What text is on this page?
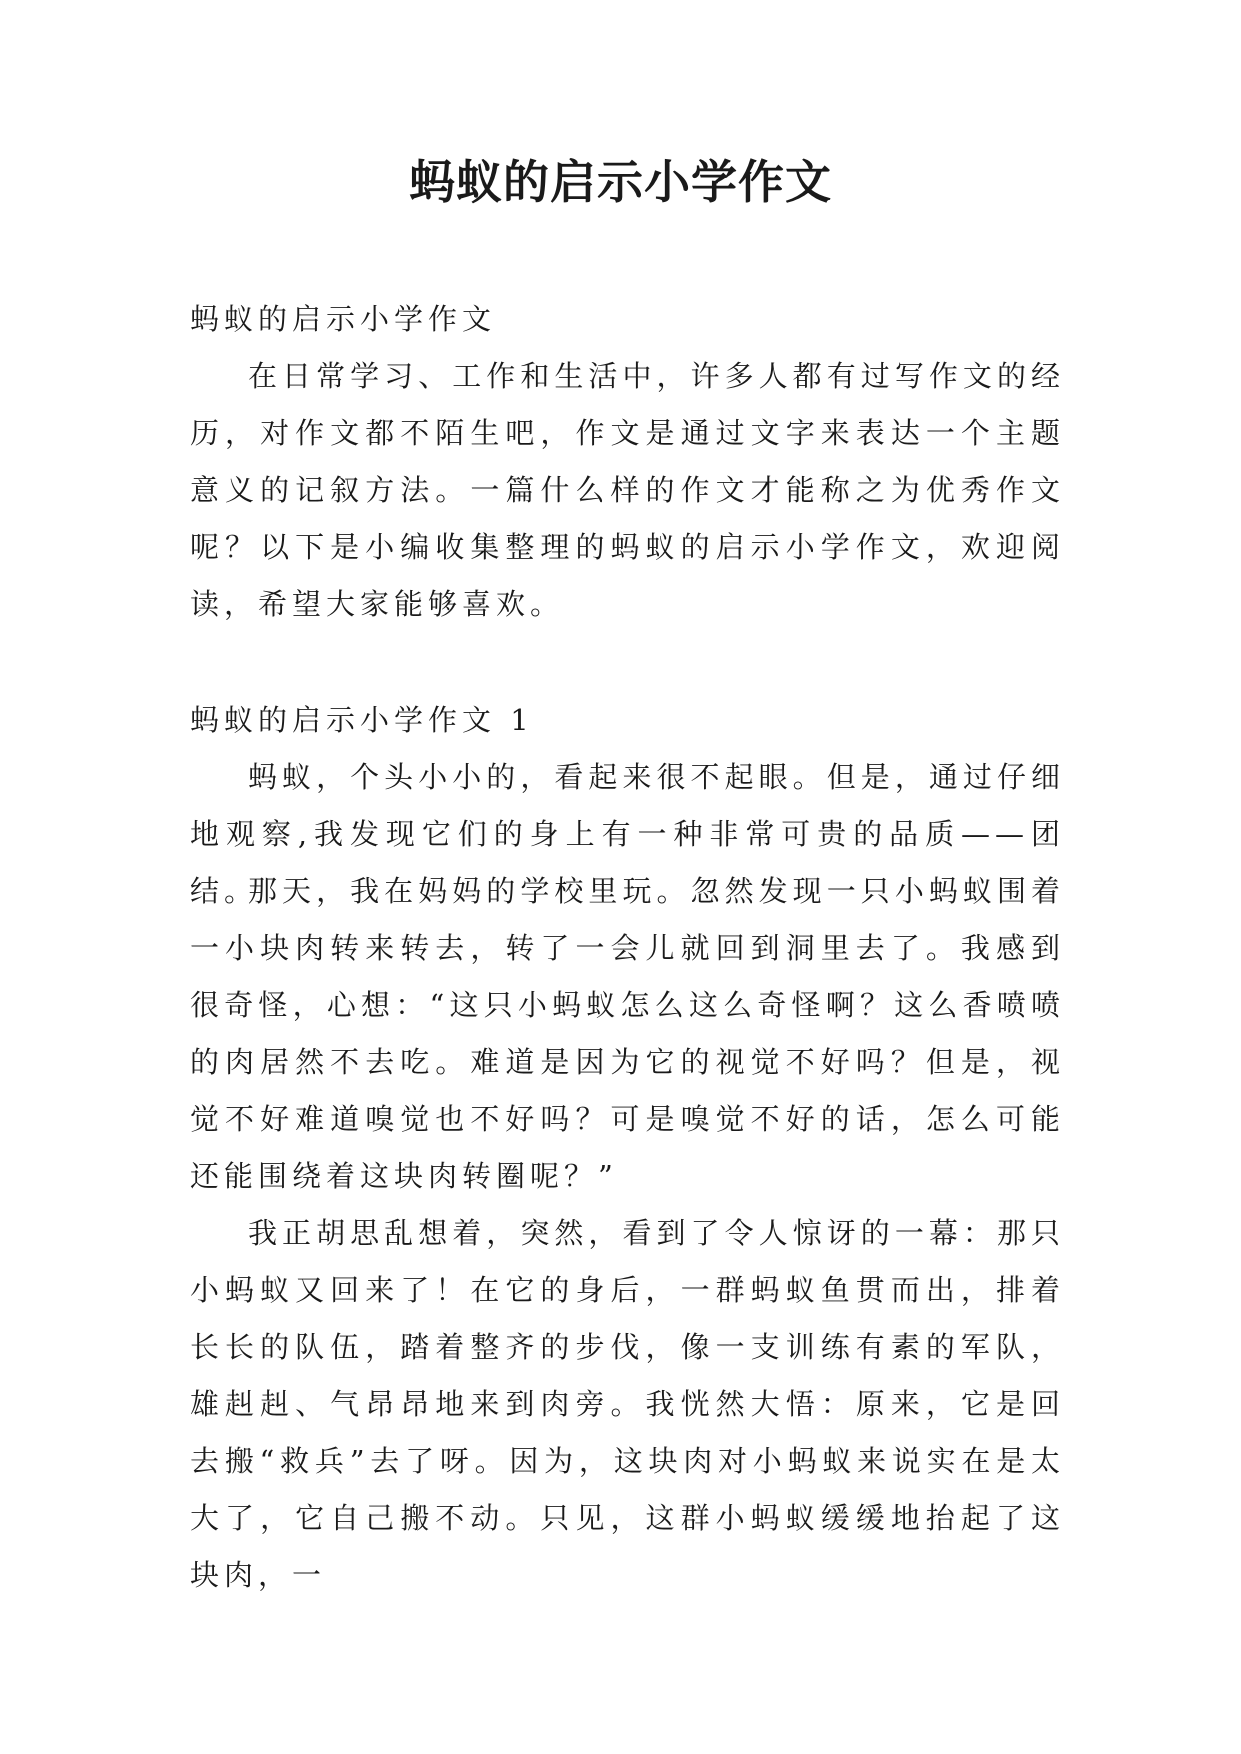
蚂蚁的启示小学作文
蚂蚁的启示小学作文

在日常学习、工作和生活中，许多人都有过写作文的经历，对作文都不陌生吧，作文是通过文字来表达一个主题意义的记叙方法。一篇什么样的作文才能称之为优秀作文呢？以下是小编收集整理的蚂蚁的启示小学作文，欢迎阅读，希望大家能够喜欢。

蚂蚁的启示小学作文 1

蚂蚁，个头小小的，看起来很不起眼。但是，通过仔细地观察,我发现它们的身上有一种非常可贵的品质——团结。

那天，我在妈妈的学校里玩。忽然发现一只小蚂蚁围着一小块肉转来转去，转了一会儿就回到洞里去了。我感到很奇怪，心想：“这只小蚂蚁怎么这么奇怪啊？这么香喷喷的肉居然不去吃。难道是因为它的视觉不好吗？但是，视觉不好难道嗅觉也不好吗？可是嗅觉不好的话，怎么可能还能围绕着这块肉转圈呢？”

我正胡思乱想着，突然，看到了令人惊讶的一幕：那只小蚂蚁又回来了！在它的身后，一群蚂蚁鱼贯而出，排着长长的队伍，踏着整齐的步伐，像一支训练有素的军队，雄赳赳、气昂昂地来到肉旁。我恍然大悟：原来，它是回去搬“救兵”去了呀。因为，这块肉对小蚂蚁来说实在是太大了，它自己搬不动。只见，这群小蚂蚁缓缓地抬起了这块肉，一
